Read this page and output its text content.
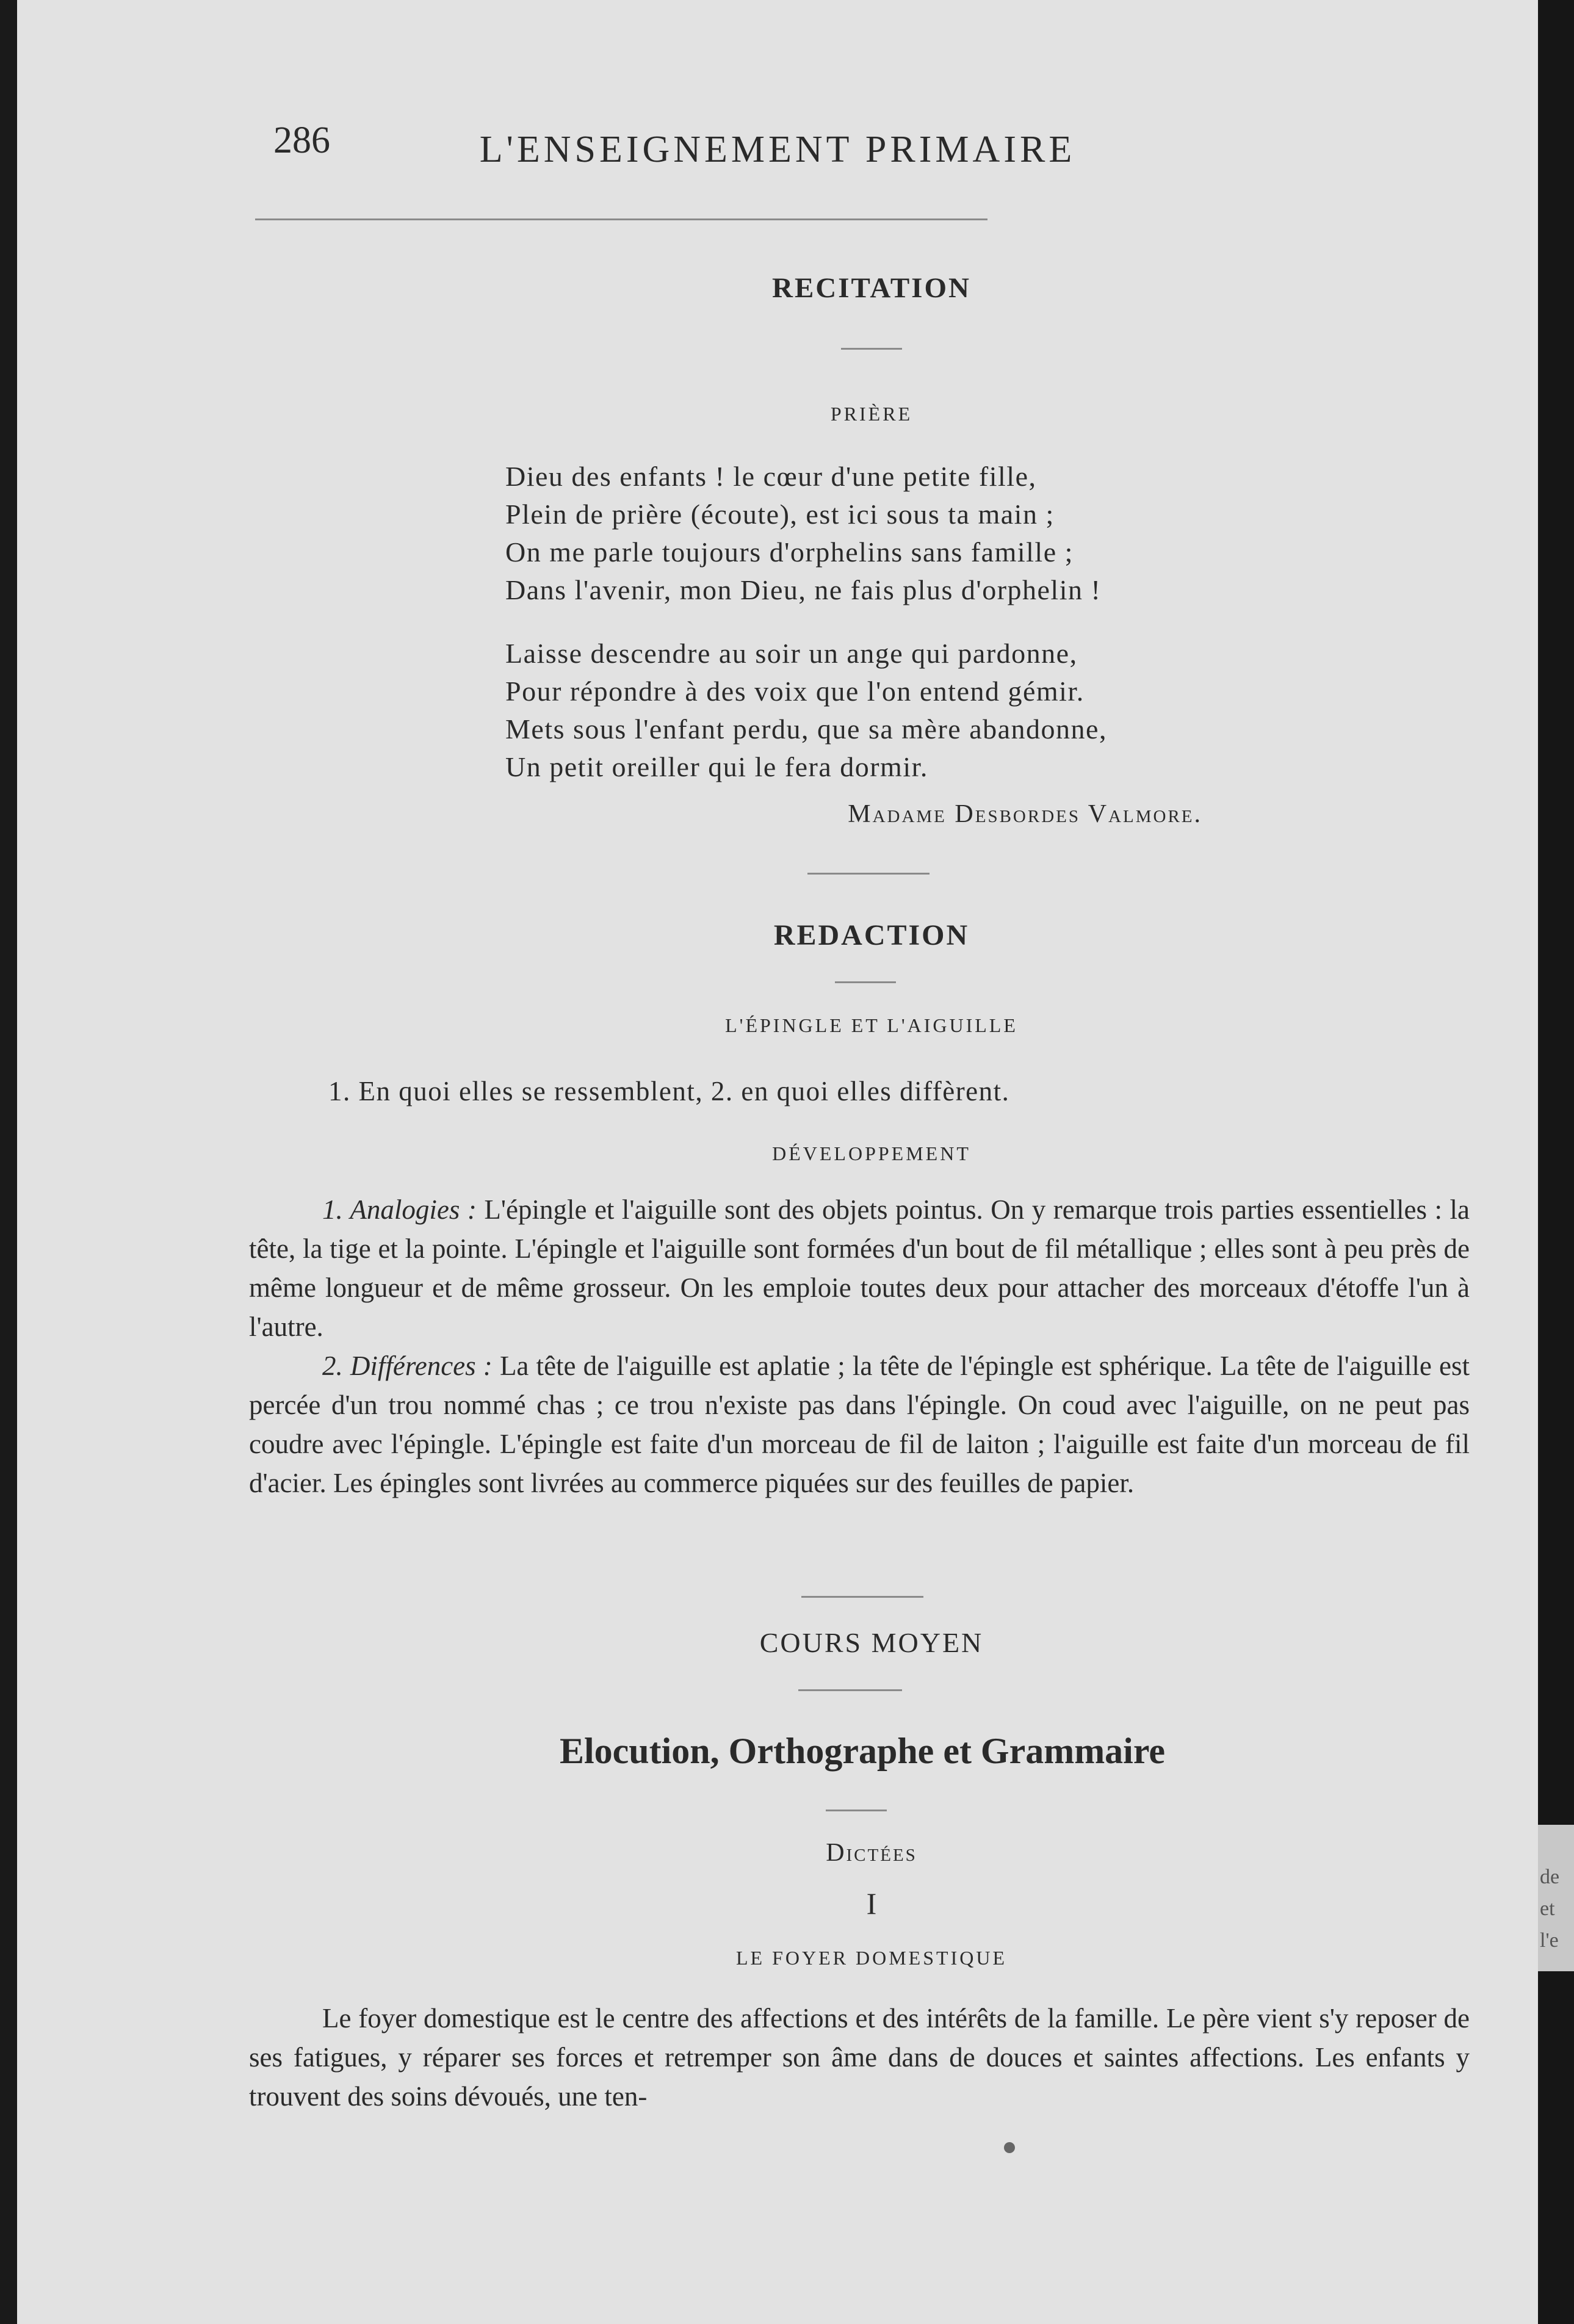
286	L'ENSEIGNEMENT PRIMAIRE
RECITATION
PRIÈRE
Dieu des enfants ! le cœur d'une petite fille,
Plein de prière (écoute), est ici sous ta main ;
On me parle toujours d'orphelins sans famille ;
Dans l'avenir, mon Dieu, ne fais plus d'orphelin !
Laisse descendre au soir un ange qui pardonne,
Pour répondre à des voix que l'on entend gémir.
Mets sous l'enfant perdu, que sa mère abandonne,
Un petit oreiller qui le fera dormir.
Madame Desbordes Valmore.
REDACTION
L'ÉPINGLE ET L'AIGUILLE
1. En quoi elles se ressemblent, 2. en quoi elles diffèrent.
DÉVELOPPEMENT

1. Analogies : L'épingle et l'aiguille sont des objets pointus. On y remarque trois parties essentielles : la tête, la tige et la pointe. L'épingle et l'aiguille sont formées d'un bout de fil métallique ; elles sont à peu près de même longueur et de même grosseur. On les emploie toutes deux pour attacher des morceaux d'étoffe l'un à l'autre.

2. Différences : La tête de l'aiguille est aplatie ; la tête de l'épingle est sphérique. La tête de l'aiguille est percée d'un trou nommé chas ; ce trou n'existe pas dans l'épingle. On coud avec l'aiguille, on ne peut pas coudre avec l'épingle. L'épingle est faite d'un morceau de fil de laiton ; l'aiguille est faite d'un morceau de fil d'acier. Les épingles sont livrées au commerce piquées sur des feuilles de papier.

COURS MOYEN
Elocution, Orthographe et Grammaire
Dictées
I
LE FOYER DOMESTIQUE

Le foyer domestique est le centre des affections et des intérêts de la famille. Le père vient s'y reposer de ses fatigues, y réparer ses forces et retremper son âme dans de douces et saintes affections. Les enfants y trouvent des soins dévoués, une ten-

de
et
l'e
